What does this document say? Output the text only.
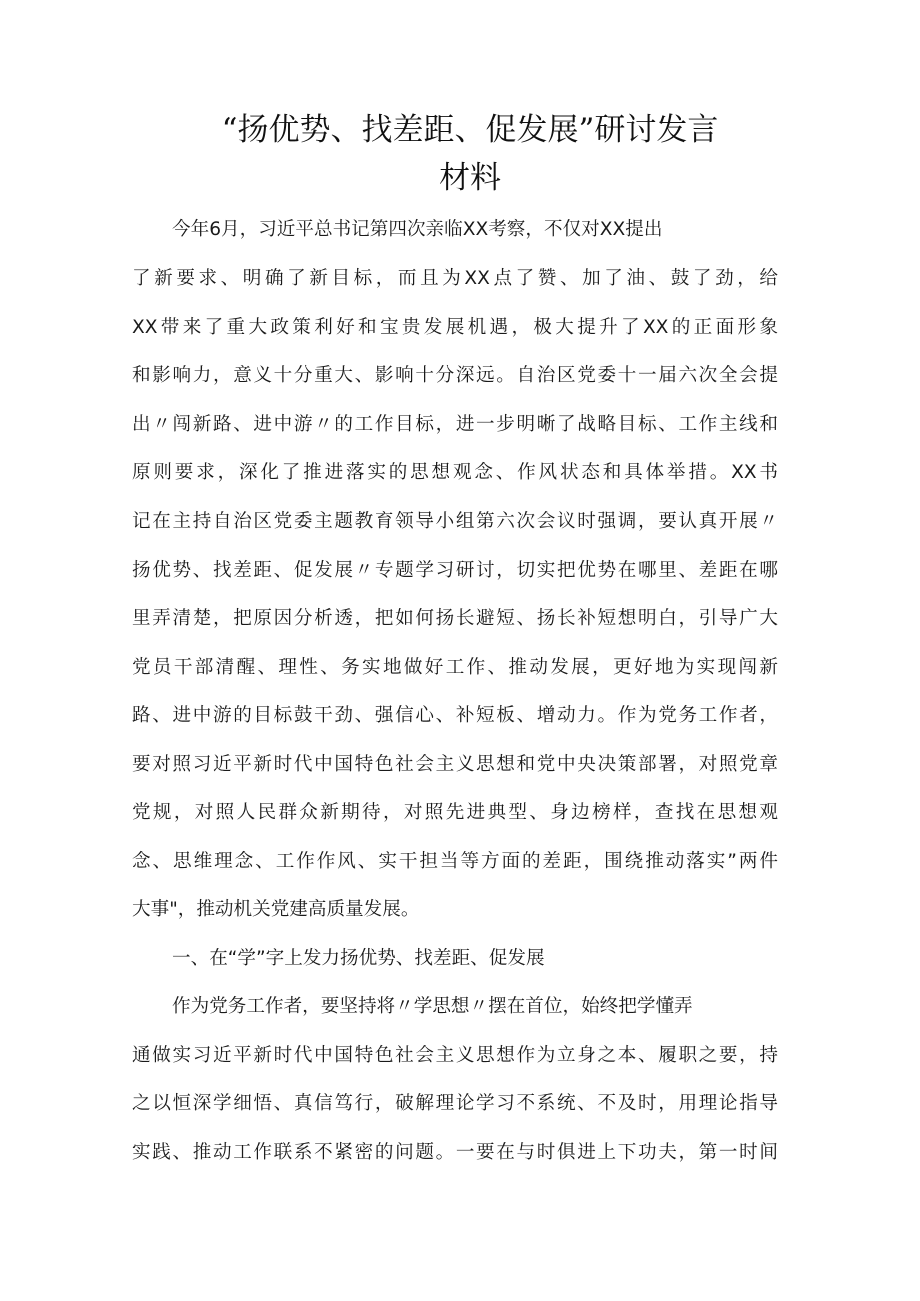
“扬优势、找差距、促发展”研讨发言
材料
今年6月，习近平总书记第四次亲临XX考察，不仅对XX提出
了新要求、明确了新目标，而且为XX点了赞、加了油、鼓了劲，给
XX带来了重大政策利好和宝贵发展机遇，极大提升了XX的正面形象
和影响力，意义十分重大、影响十分深远。自治区党委十一届六次全会提
出〃闯新路、进中游〃的工作目标，进一步明晰了战略目标、工作主线和
原则要求，深化了推进落实的思想观念、作风状态和具体举措。XX书
记在主持自治区党委主题教育领导小组第六次会议时强调，要认真开展〃
扬优势、找差距、促发展〃专题学习研讨，切实把优势在哪里、差距在哪
里弄清楚，把原因分析透，把如何扬长避短、扬长补短想明白，引导广大
党员干部清醒、理性、务实地做好工作、推动发展，更好地为实现闯新
路、进中游的目标鼓干劲、强信心、补短板、增动力。作为党务工作者，
要对照习近平新时代中国特色社会主义思想和党中央决策部署，对照党章
党规，对照人民群众新期待，对照先进典型、身边榜样，查找在思想观
念、思维理念、工作作风、实干担当等方面的差距，围绕推动落实”两件
大事"，推动机关党建高质量发展。
一、在“学”字上发力扬优势、找差距、促发展
作为党务工作者，要坚持将〃学思想〃摆在首位，始终把学懂弄
通做实习近平新时代中国特色社会主义思想作为立身之本、履职之要，持
之以恒深学细悟、真信笃行，破解理论学习不系统、不及时，用理论指导
实践、推动工作联系不紧密的问题。一要在与时俱进上下功夫，第一时间
